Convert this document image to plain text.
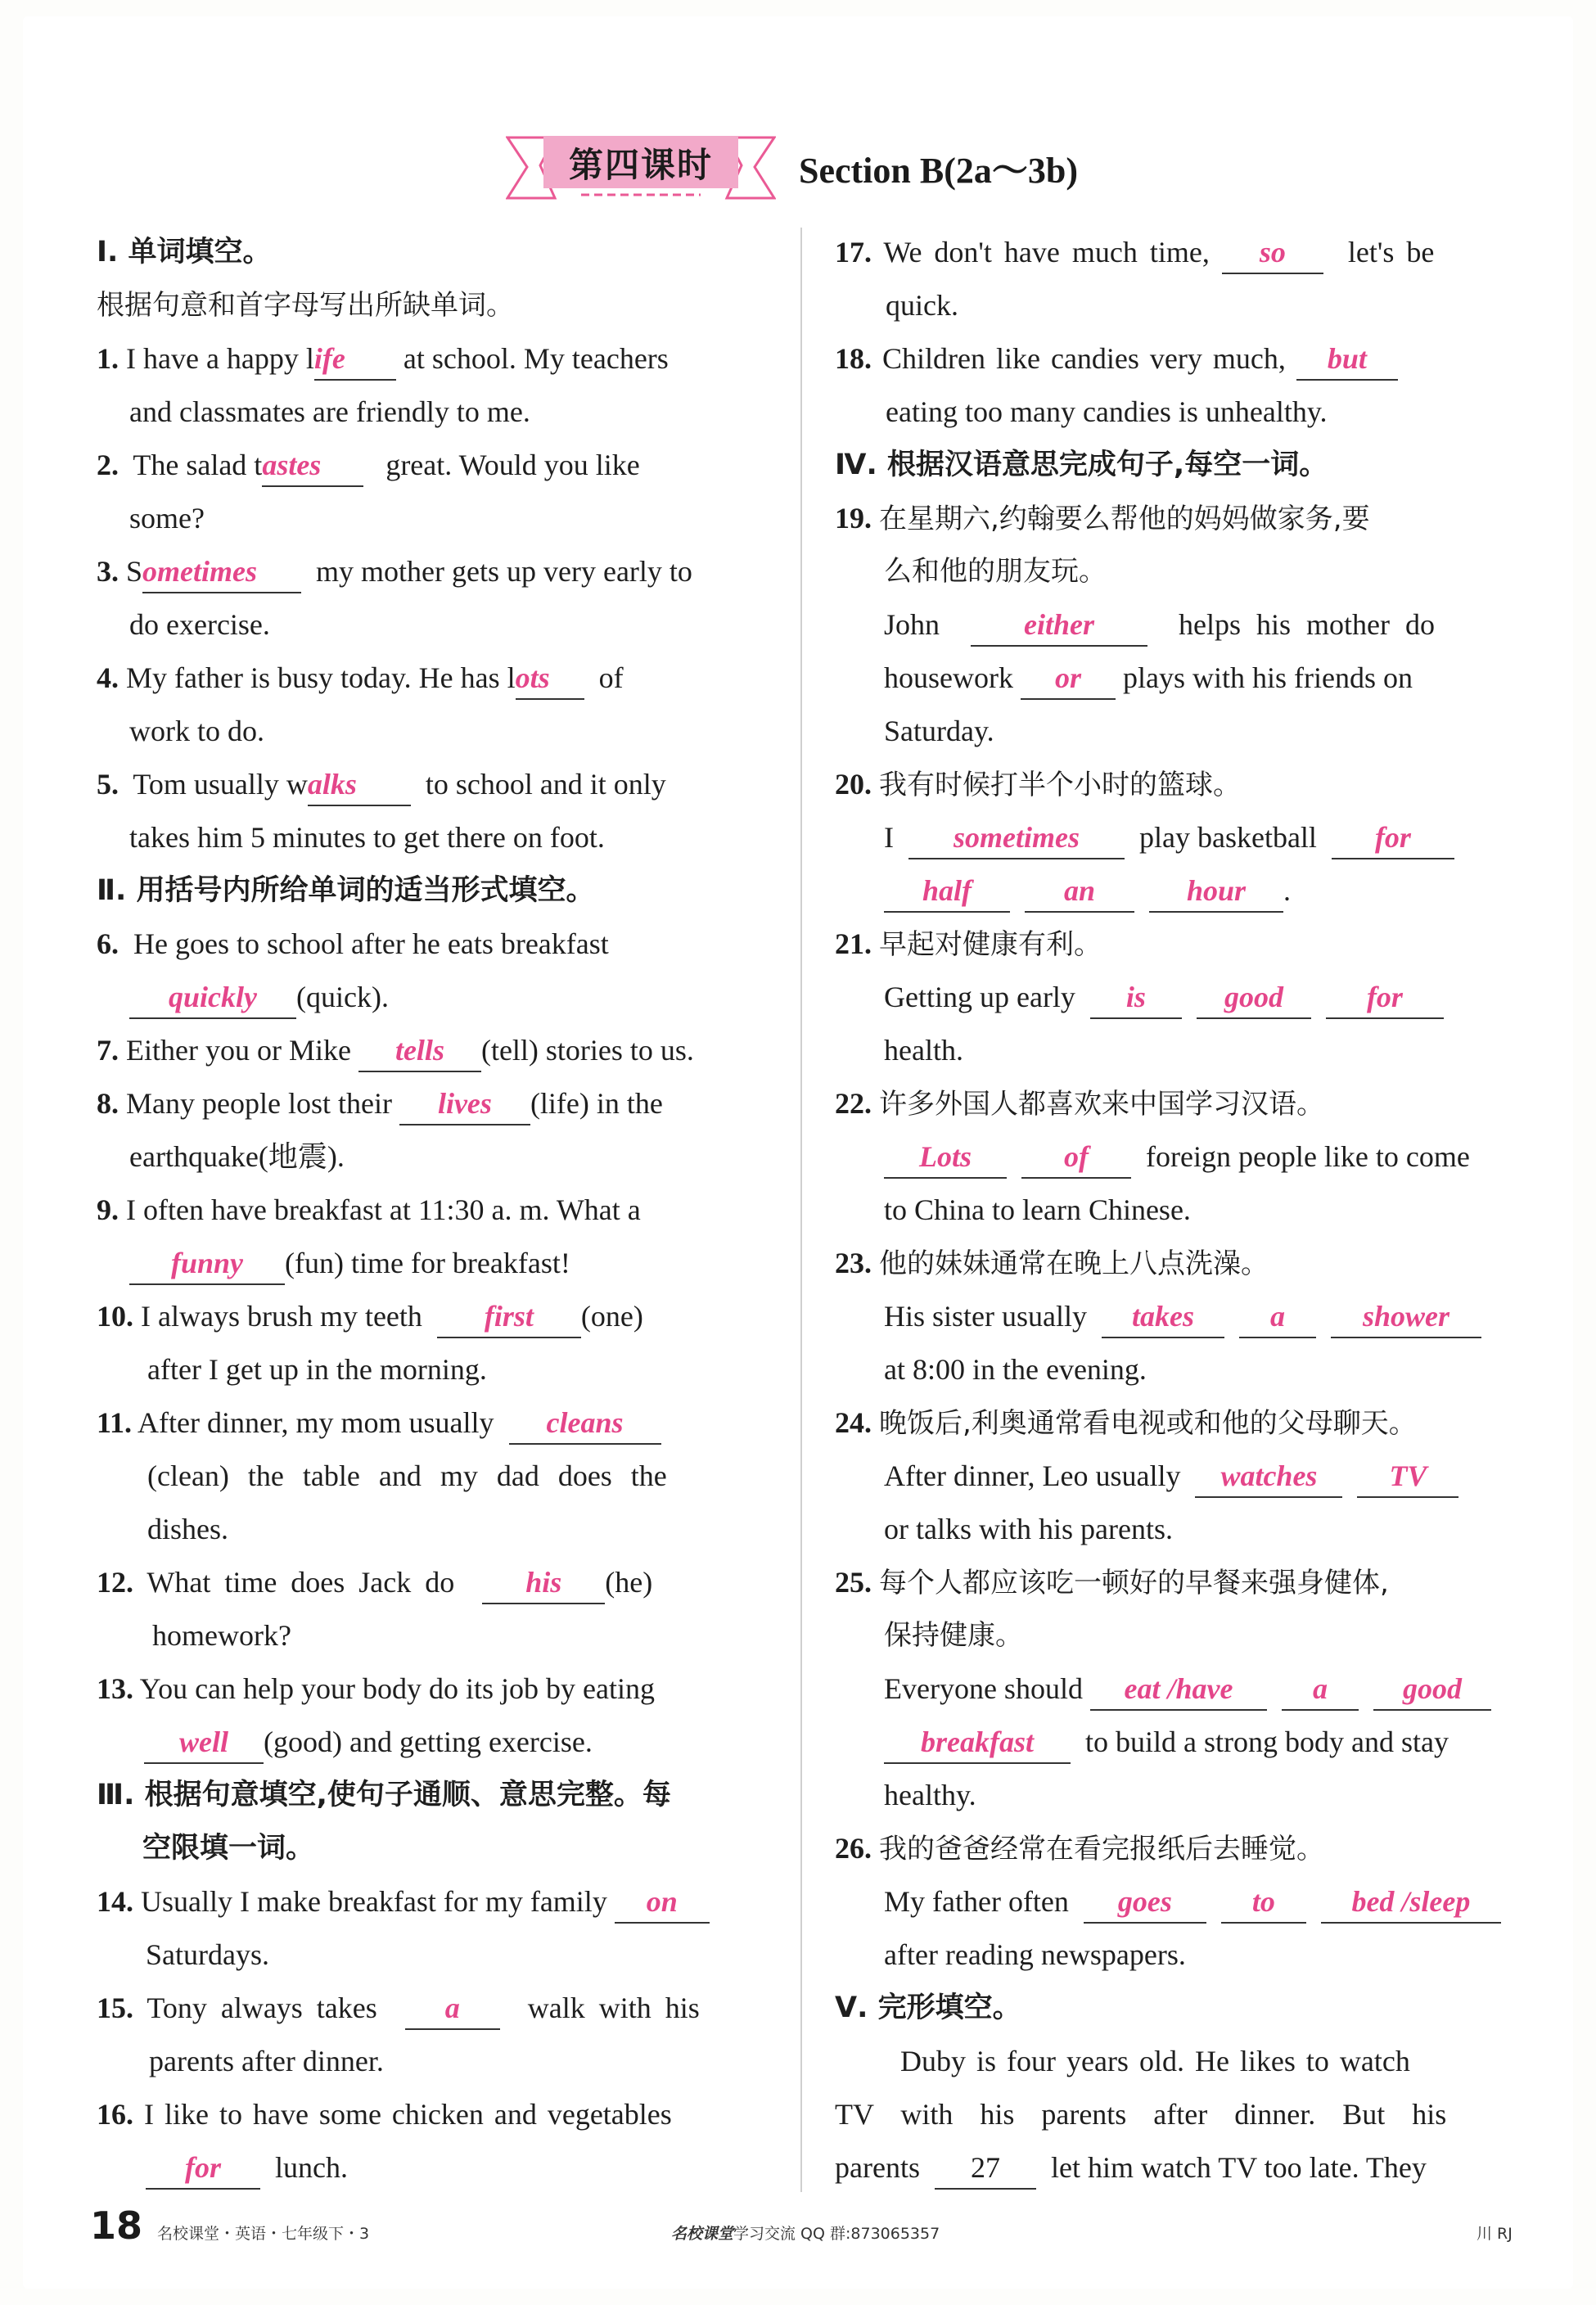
第四课时	Section B(2a～3b)
Ⅰ. 单词填空。
根据句意和首字母写出所缺单词。
1. I have a happy life at school. My teachers
and classmates are friendly to me.
2. The salad tastes great. Would you like
some?
3. Sometimes my mother gets up very early to
do exercise.
4. My father is busy today. He has lots of
work to do.
5. Tom usually walks to school and it only
takes him 5 minutes to get there on foot.
Ⅱ. 用括号内所给单词的适当形式填空。
6. He goes to school after he eats breakfast
quickly (quick).
7. Either you or Mike tells (tell) stories to us.
8. Many people lost their lives (life) in the
earthquake(地震).
9. I often have breakfast at 11:30 a. m. What a
funny (fun) time for breakfast!
10. I always brush my teeth first (one)
after I get up in the morning.
11. After dinner, my mom usually cleans
(clean) the table and my dad does the
dishes.
12. What time does Jack do his (he)
homework?
13. You can help your body do its job by eating
well (good) and getting exercise.
Ⅲ. 根据句意填空,使句子通顺、意思完整。每
空限填一词。
14. Usually I make breakfast for my family on
Saturdays.
15. Tony always takes a walk with his
parents after dinner.
16. I like to have some chicken and vegetables
for lunch.
17. We don't have much time, so let's be
quick.
18. Children like candies very much, but
eating too many candies is unhealthy.
Ⅳ. 根据汉语意思完成句子,每空一词。
19. 在星期六,约翰要么帮他的妈妈做家务,要
么和他的朋友玩。
John	either	helps his mother do
housework or plays with his friends on
Saturday.
20. 我有时候打半个小时的篮球。
I sometimes play basketball for
half	an	hour .
21. 早起对健康有利。
Getting up early is	good	for
health.
22. 许多外国人都喜欢来中国学习汉语。
Lots	of foreign people like to come
to China to learn Chinese.
23. 他的妹妹通常在晚上八点洗澡。
His sister usually takes	a	shower
at 8:00 in the evening.
24. 晚饭后,利奥通常看电视或和他的父母聊天。
After dinner, Leo usually watches TV
or talks with his parents.
25. 每个人都应该吃一顿好的早餐来强身健体,
保持健康。
Everyone should eat /have	a	good
breakfast to build a strong body and stay
healthy.
26. 我的爸爸经常在看完报纸后去睡觉。
My father often goes	to	bed /sleep
after reading newspapers.
Ⅴ. 完形填空。
Duby is four years old. He likes to watch
TV with his parents after dinner. But his
parents 27 let him watch TV too late. They
18 名校课堂・英语・七年级下・3	名校课堂学习交流 QQ 群:873065357	川 RJ
